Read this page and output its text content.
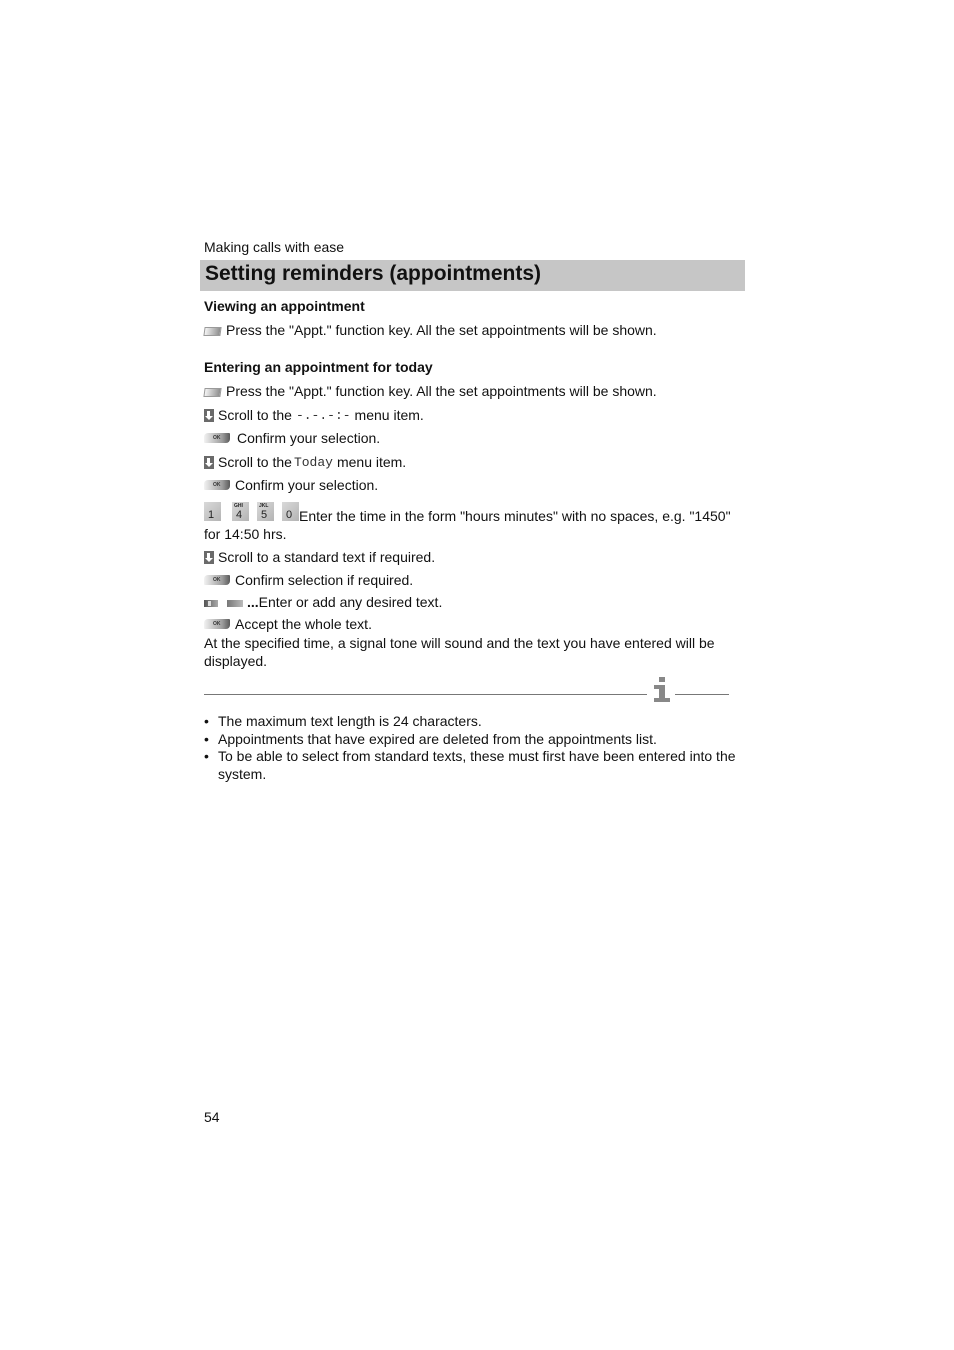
Making calls with ease
Setting reminders (appointments)
Viewing an appointment
Press the "Appt." function key. All the set appointments will be shown.
Entering an appointment for today
Press the "Appt." function key. All the set appointments will be shown.
Scroll to the -.-.-:- menu item.
OK	Confirm your selection.
Scroll to the Today menu item.
OK	Confirm your selection.
1
GHI
4
JKL
5 0 Enter the time in the form "hours minutes" with no spaces, e.g. "1450" for 14:50 hrs.
Scroll to a standard text if required.
OK	Confirm selection if required.
... Enter or add any desired text.
OK	Accept the whole text.
At the specified time, a signal tone will sound and the text you have entered will be displayed.
• The maximum text length is 24 characters.
• Appointments that have expired are deleted from the appointments list.
• To be able to select from standard texts, these must first have been entered into the system.
54
